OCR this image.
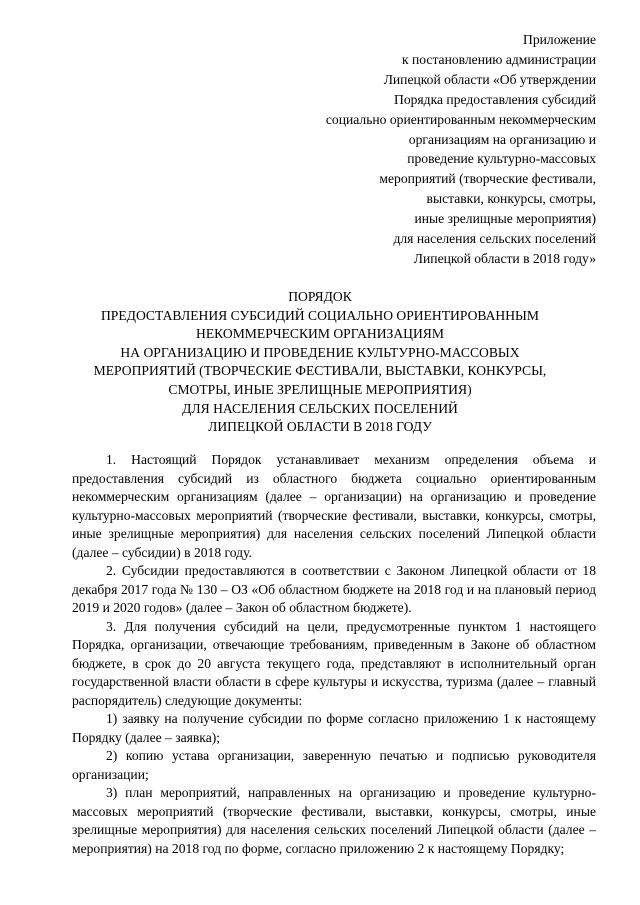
Приложение
к постановлению администрации
Липецкой области «Об утверждении
Порядка предоставления субсидий
социально ориентированным некоммерческим
организациям на организацию и
проведение культурно-массовых
мероприятий (творческие фестивали,
выставки, конкурсы, смотры,
иные зрелищные мероприятия)
для населения сельских поселений
Липецкой области в 2018 году»
ПОРЯДОК
ПРЕДОСТАВЛЕНИЯ СУБСИДИЙ СОЦИАЛЬНО ОРИЕНТИРОВАННЫМ
НЕКОММЕРЧЕСКИМ ОРГАНИЗАЦИЯМ
НА ОРГАНИЗАЦИЮ И ПРОВЕДЕНИЕ КУЛЬТУРНО-МАССОВЫХ
МЕРОПРИЯТИЙ (ТВОРЧЕСКИЕ ФЕСТИВАЛИ, ВЫСТАВКИ, КОНКУРСЫ,
СМОТРЫ, ИНЫЕ ЗРЕЛИЩНЫЕ МЕРОПРИЯТИЯ)
ДЛЯ НАСЕЛЕНИЯ СЕЛЬСКИХ ПОСЕЛЕНИЙ
ЛИПЕЦКОЙ ОБЛАСТИ В 2018 ГОДУ

1. Настоящий Порядок устанавливает механизм определения объема и предоставления субсидий из областного бюджета социально ориентированным некоммерческим организациям (далее – организации) на организацию и проведение культурно-массовых мероприятий (творческие фестивали, выставки, конкурсы, смотры, иные зрелищные мероприятия) для населения сельских поселений Липецкой области (далее – субсидии) в 2018 году.

2. Субсидии предоставляются в соответствии с Законом Липецкой области от 18 декабря 2017 года № 130 – ОЗ «Об областном бюджете на 2018 год и на плановый период 2019 и 2020 годов» (далее – Закон об областном бюджете).

3. Для получения субсидий на цели, предусмотренные пунктом 1 настоящего Порядка, организации, отвечающие требованиям, приведенным в Законе об областном бюджете, в срок до 20 августа текущего года, представляют в исполнительный орган государственной власти области в сфере культуры и искусства, туризма (далее – главный распорядитель) следующие документы:

1) заявку на получение субсидии по форме согласно приложению 1 к настоящему Порядку (далее – заявка);

2) копию устава организации, заверенную печатью и подписью руководителя организации;

3) план мероприятий, направленных на организацию и проведение культурно-массовых мероприятий (творческие фестивали, выставки, конкурсы, смотры, иные зрелищные мероприятия) для населения сельских поселений Липецкой области (далее – мероприятия) на 2018 год по форме, согласно приложению 2 к настоящему Порядку;
